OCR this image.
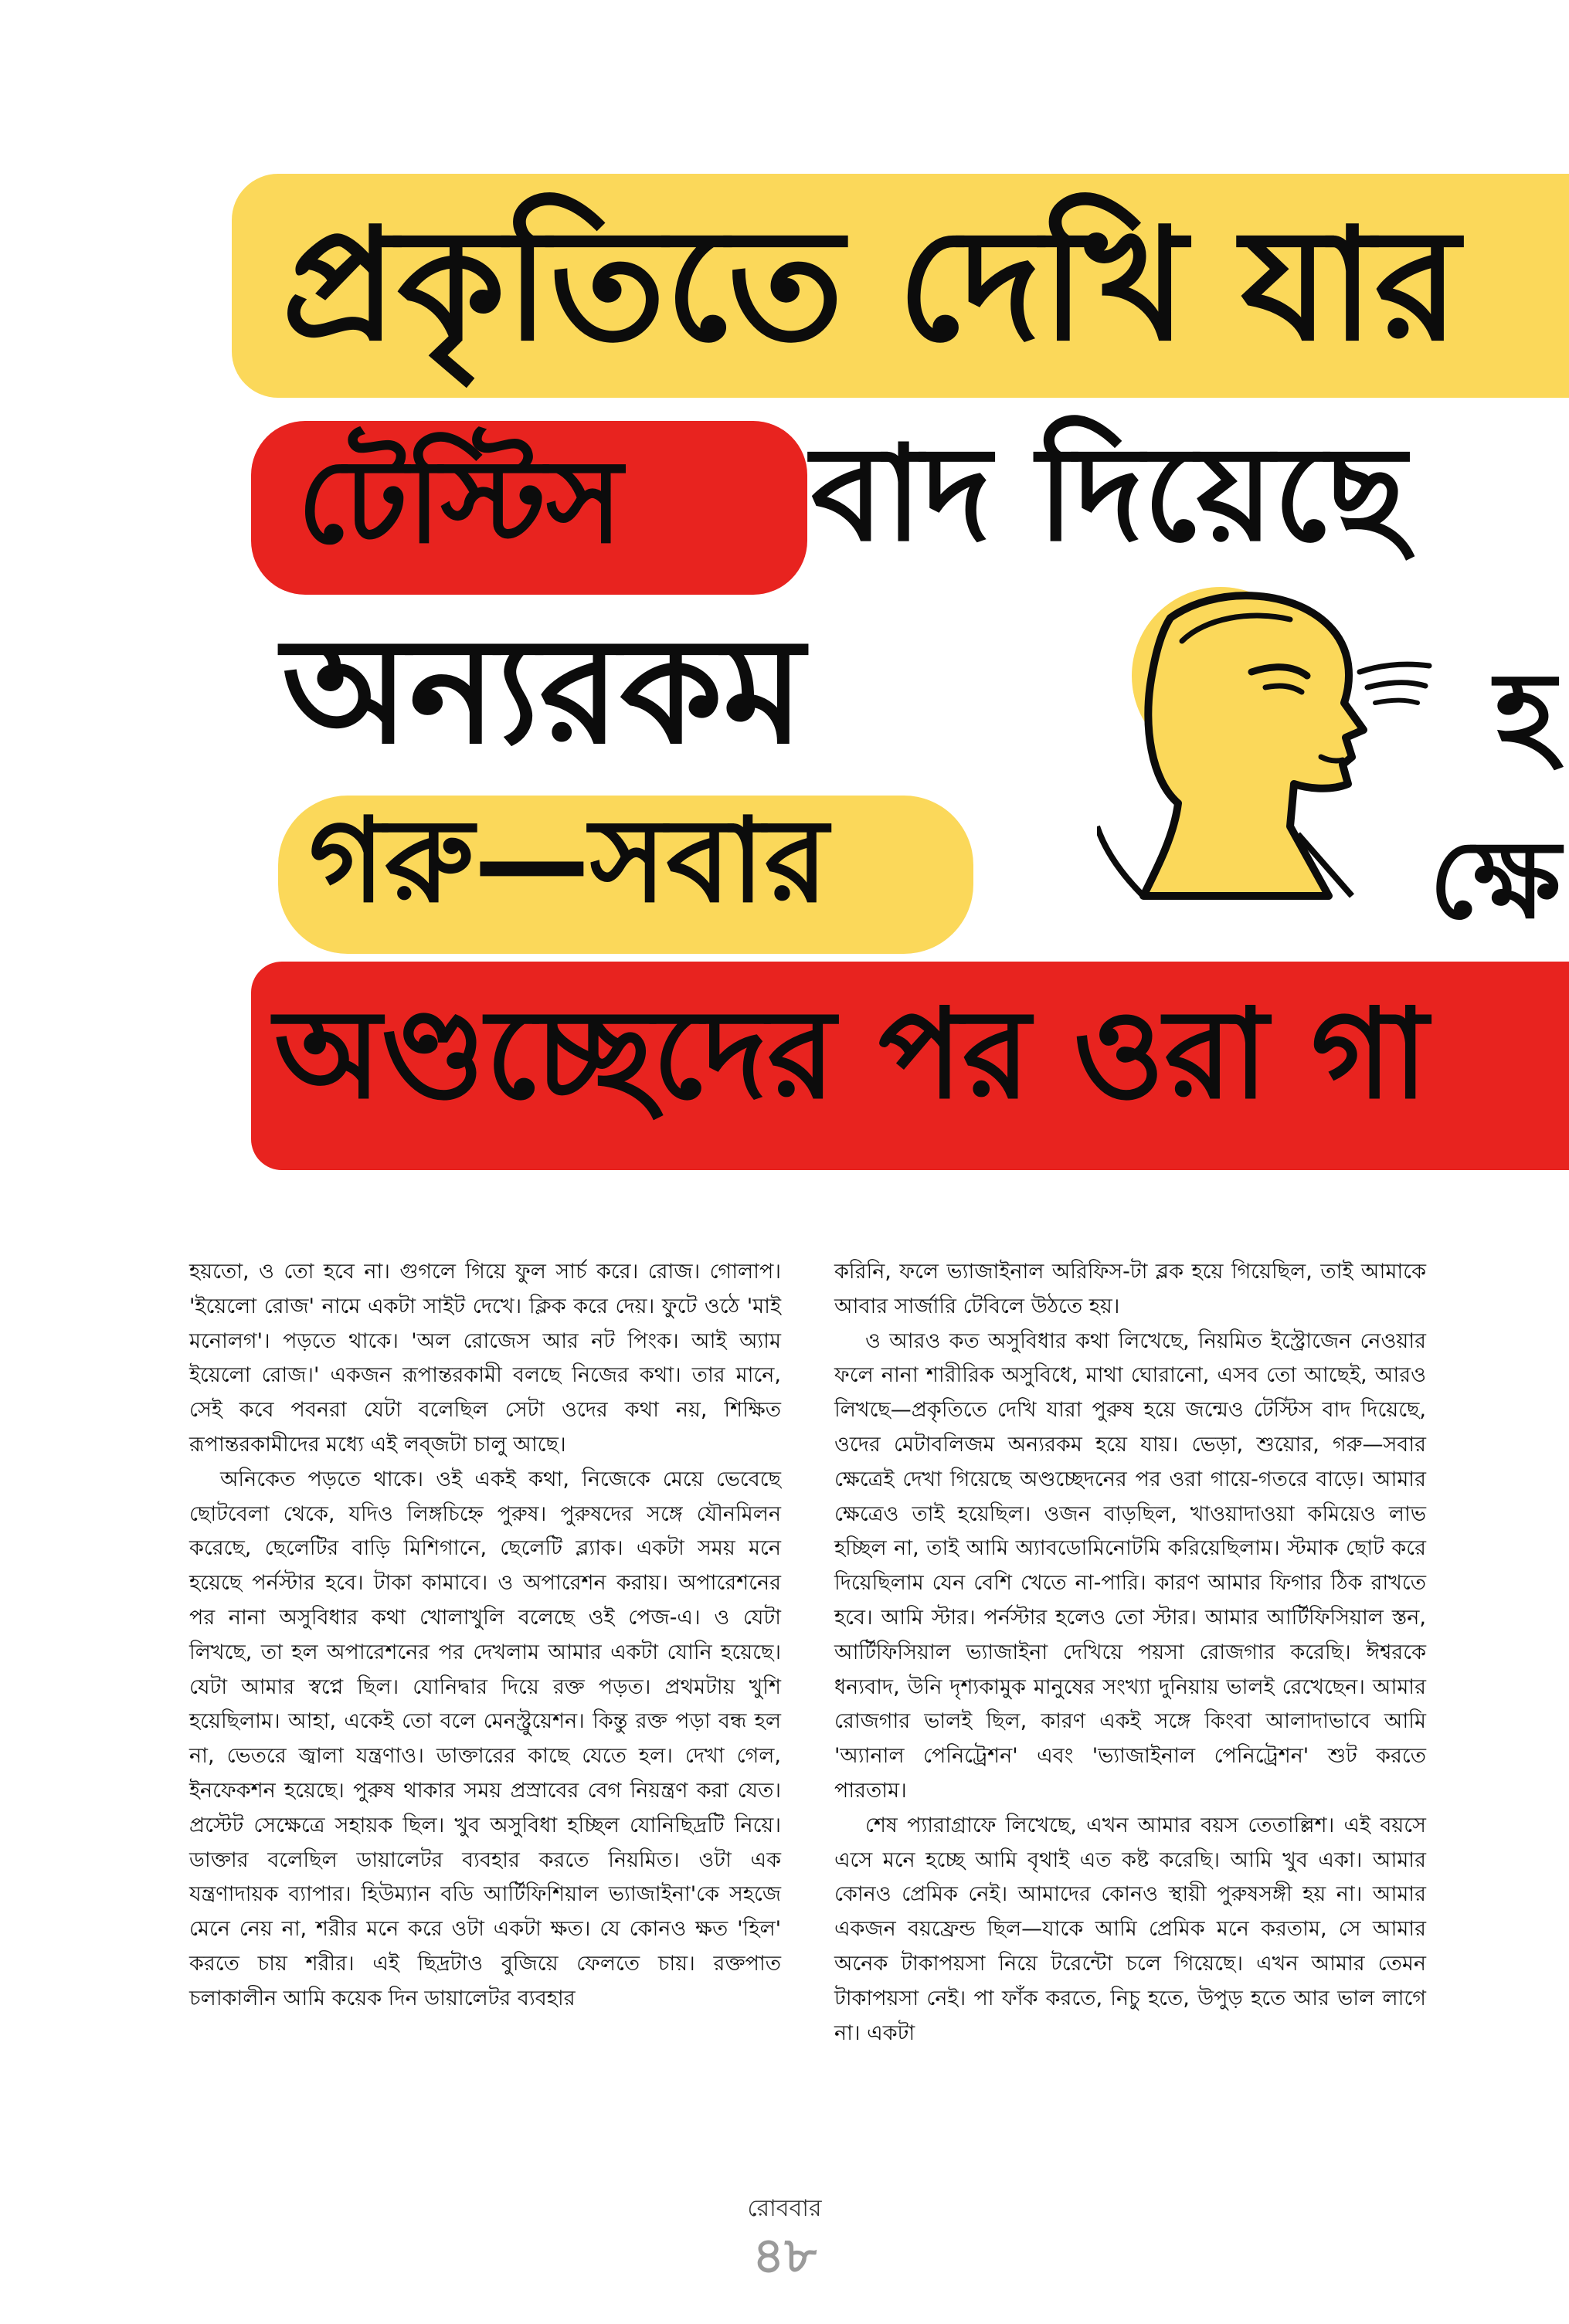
প্রকৃতিতে দেখি যার
টেস্টিস বাদ দিয়েছে
অন্যরকম	হ
গরু—সবার	ক্ষে
অণ্ডচ্ছেদের পর ওরা গা

হয়তো, ও তো হবে না। গুগলে গিয়ে ফুল সার্চ করে। রোজ। গোলাপ। 'ইয়েলো রোজ' নামে একটা সাইট দেখে। ক্লিক করে দেয়। ফুটে ওঠে 'মাই মনোলগ'। পড়তে থাকে। 'অল রোজেস আর নট পিংক। আই অ্যাম ইয়েলো রোজ।' একজন রূপান্তরকামী বলছে নিজের কথা। তার মানে, সেই কবে পবনরা যেটা বলেছিল সেটা ওদের কথা নয়, শিক্ষিত রূপান্তরকামীদের মধ্যে এই লব্‌জটা চালু আছে।

অনিকেত পড়তে থাকে। ওই একই কথা, নিজেকে মেয়ে ভেবেছে ছোটবেলা থেকে, যদিও লিঙ্গচিহ্নে পুরুষ। পুরুষদের সঙ্গে যৌনমিলন করেছে, ছেলেটির বাড়ি মিশিগানে, ছেলেটি ব্ল্যাক। একটা সময় মনে হয়েছে পর্নস্টার হবে। টাকা কামাবে। ও অপারেশন করায়। অপারেশনের পর নানা অসুবিধার কথা খোলাখুলি বলেছে ওই পেজ-এ। ও যেটা লিখছে, তা হল অপারেশনের পর দেখলাম আমার একটা যোনি হয়েছে। যেটা আমার স্বপ্নে ছিল। যোনিদ্বার দিয়ে রক্ত পড়ত। প্রথমটায় খুশি হয়েছিলাম। আহা, একেই তো বলে মেনস্ট্রুয়েশন। কিন্তু রক্ত পড়া বন্ধ হল না, ভেতরে জ্বালা যন্ত্রণাও। ডাক্তারের কাছে যেতে হল। দেখা গেল, ইনফেকশন হয়েছে। পুরুষ থাকার সময় প্রস্রাবের বেগ নিয়ন্ত্রণ করা যেত। প্রস্টেট সেক্ষেত্রে সহায়ক ছিল। খুব অসুবিধা হচ্ছিল যোনিছিদ্রটি নিয়ে। ডাক্তার বলেছিল ডায়ালেটর ব্যবহার করতে নিয়মিত। ওটা এক যন্ত্রণাদায়ক ব্যাপার। হিউম্যান বডি আর্টিফিশিয়াল ভ্যাজাইনা'কে সহজে মেনে নেয় না, শরীর মনে করে ওটা একটা ক্ষত। যে কোনও ক্ষত 'হিল' করতে চায় শরীর। এই ছিদ্রটাও বুজিয়ে ফেলতে চায়। রক্তপাত চলাকালীন আমি কয়েক দিন ডায়ালেটর ব্যবহার

করিনি, ফলে ভ্যাজাইনাল অরিফিস-টা ব্লক হয়ে গিয়েছিল, তাই আমাকে আবার সার্জারি টেবিলে উঠতে হয়।

ও আরও কত অসুবিধার কথা লিখেছে, নিয়মিত ইস্ট্রোজেন নেওয়ার ফলে নানা শারীরিক অসুবিধে, মাথা ঘোরানো, এসব তো আছেই, আরও লিখছে—প্রকৃতিতে দেখি যারা পুরুষ হয়ে জন্মেও টেস্টিস বাদ দিয়েছে, ওদের মেটাবলিজম অন্যরকম হয়ে যায়। ভেড়া, শুয়োর, গরু—সবার ক্ষেত্রেই দেখা গিয়েছে অণ্ডচ্ছেদনের পর ওরা গায়ে-গতরে বাড়ে। আমার ক্ষেত্রেও তাই হয়েছিল। ওজন বাড়ছিল, খাওয়াদাওয়া কমিয়েও লাভ হচ্ছিল না, তাই আমি অ্যাবডোমিনোটমি করিয়েছিলাম। স্টমাক ছোট করে দিয়েছিলাম যেন বেশি খেতে না-পারি। কারণ আমার ফিগার ঠিক রাখতে হবে। আমি স্টার। পর্নস্টার হলেও তো স্টার। আমার আর্টিফিসিয়াল স্তন, আর্টিফিসিয়াল ভ্যাজাইনা দেখিয়ে পয়সা রোজগার করেছি। ঈশ্বরকে ধন্যবাদ, উনি দৃশ্যকামুক মানুষের সংখ্যা দুনিয়ায় ভালই রেখেছেন। আমার রোজগার ভালই ছিল, কারণ একই সঙ্গে কিংবা আলাদাভাবে আমি 'অ্যানাল পেনিট্রেশন' এবং 'ভ্যাজাইনাল পেনিট্রেশন' শুট করতে পারতাম।

শেষ প্যারাগ্রাফে লিখেছে, এখন আমার বয়স তেতাল্লিশ। এই বয়সে এসে মনে হচ্ছে আমি বৃথাই এত কষ্ট করেছি। আমি খুব একা। আমার কোনও প্রেমিক নেই। আমাদের কোনও স্থায়ী পুরুষসঙ্গী হয় না। আমার একজন বয়ফ্রেন্ড ছিল—যাকে আমি প্রেমিক মনে করতাম, সে আমার অনেক টাকাপয়সা নিয়ে টরেন্টো চলে গিয়েছে। এখন আমার তেমন টাকাপয়সা নেই। পা ফাঁক করতে, নিচু হতে, উপুড় হতে আর ভাল লাগে না। একটা

রোববার
৪৮
